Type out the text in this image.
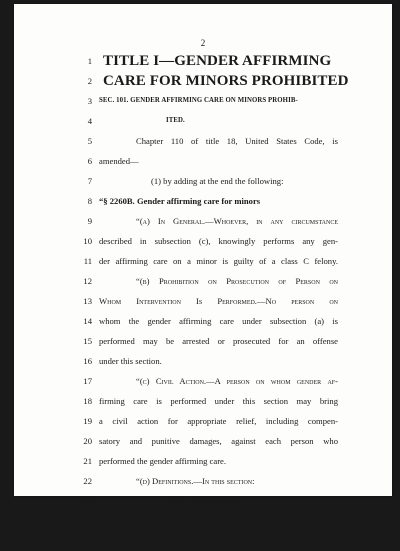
2
1 TITLE I—GENDER AFFIRMING
2 CARE FOR MINORS PROHIBITED
3 SEC. 101. GENDER AFFIRMING CARE ON MINORS PROHIB-
4	ITED.
5	Chapter 110 of title 18, United States Code, is
6 amended—
7	(1) by adding at the end the following:
8 “§ 2260B. Gender affirming care for minors
9	“(a) In General.—Whoever, in any circumstance
10 described in subsection (c), knowingly performs any gen-
11 der affirming care on a minor is guilty of a class C felony.
12	“(b) Prohibition on Prosecution of Person on
13 Whom Intervention Is Performed.—No person on
14 whom the gender affirming care under subsection (a) is
15 performed may be arrested or prosecuted for an offense
16 under this section.
17	“(c) Civil Action.—A person on whom gender af-
18 firming care is performed under this section may bring
19 a civil action for appropriate relief, including compen-
20 satory and punitive damages, against each person who
21 performed the gender affirming care.
22	“(d) Definitions.—In this section:
23	“(1) Gender affirming care.—
24	“(A) In general.—For purposes of this
25	chapter, except as provided in subparagraph
